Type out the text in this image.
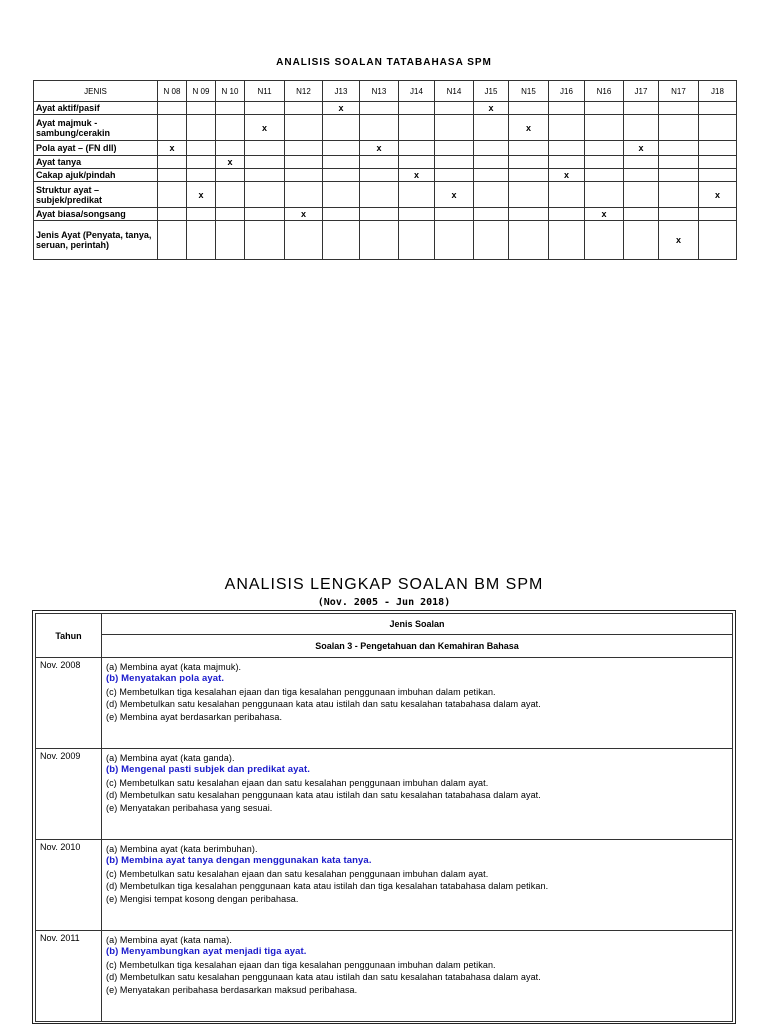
ANALISIS SOALAN TATABAHASA SPM
JENIS	N 08	N 09	N 10	N11	N12	J13	N13	J14	N14	J15	N15	J16	N16	J17	N17	J18
Ayat aktif/pasif						x				x						
Ayat majmuk -sambung/cerakin				x							x					
Pola ayat – (FN dll)	x						x							x		
Ayat tanya			x													
Cakap ajuk/pindah								x				x				
Struktur ayat – subjek/predikat		x							x							x
Ayat biasa/songsang					x								x			
Jenis Ayat (Penyata, tanya, seruan, perintah)															x	
ANALISIS LENGKAP SOALAN BM SPM
(Nov. 2005 - Jun 2018)
Tahun	Jenis Soalan
	Soalan 3 - Pengetahuan dan Kemahiran Bahasa
Nov. 2008	(a) Membina ayat (kata majmuk).
(b) Menyatakan pola ayat.
(c) Membetulkan tiga kesalahan ejaan dan tiga kesalahan penggunaan imbuhan dalam petikan.
(d) Membetulkan satu kesalahan penggunaan kata atau istilah dan satu kesalahan tatabahasa dalam ayat.
(e) Membina ayat berdasarkan peribahasa.

Nov. 2009	(a) Membina ayat (kata ganda).
(b) Mengenal pasti subjek dan predikat ayat.
(c) Membetulkan satu kesalahan ejaan dan satu kesalahan penggunaan imbuhan dalam ayat.
(d) Membetulkan satu kesalahan penggunaan kata atau istilah dan satu kesalahan tatabahasa dalam ayat.
(e) Menyatakan peribahasa yang sesuai.

Nov. 2010	(a) Membina ayat (kata berimbuhan).
(b) Membina ayat tanya dengan menggunakan kata tanya.
(c) Membetulkan satu kesalahan ejaan dan satu kesalahan penggunaan imbuhan dalam ayat.
(d) Membetulkan tiga kesalahan penggunaan kata atau istilah dan tiga kesalahan tatabahasa dalam petikan.
(e) Mengisi tempat kosong dengan peribahasa.

Nov. 2011	(a) Membina ayat (kata nama).
(b) Menyambungkan ayat menjadi tiga ayat.
(c) Membetulkan tiga kesalahan ejaan dan tiga kesalahan penggunaan imbuhan dalam petikan.
(d) Membetulkan satu kesalahan penggunaan kata atau istilah dan satu kesalahan tatabahasa dalam ayat.
(e) Menyatakan peribahasa berdasarkan maksud peribahasa.
